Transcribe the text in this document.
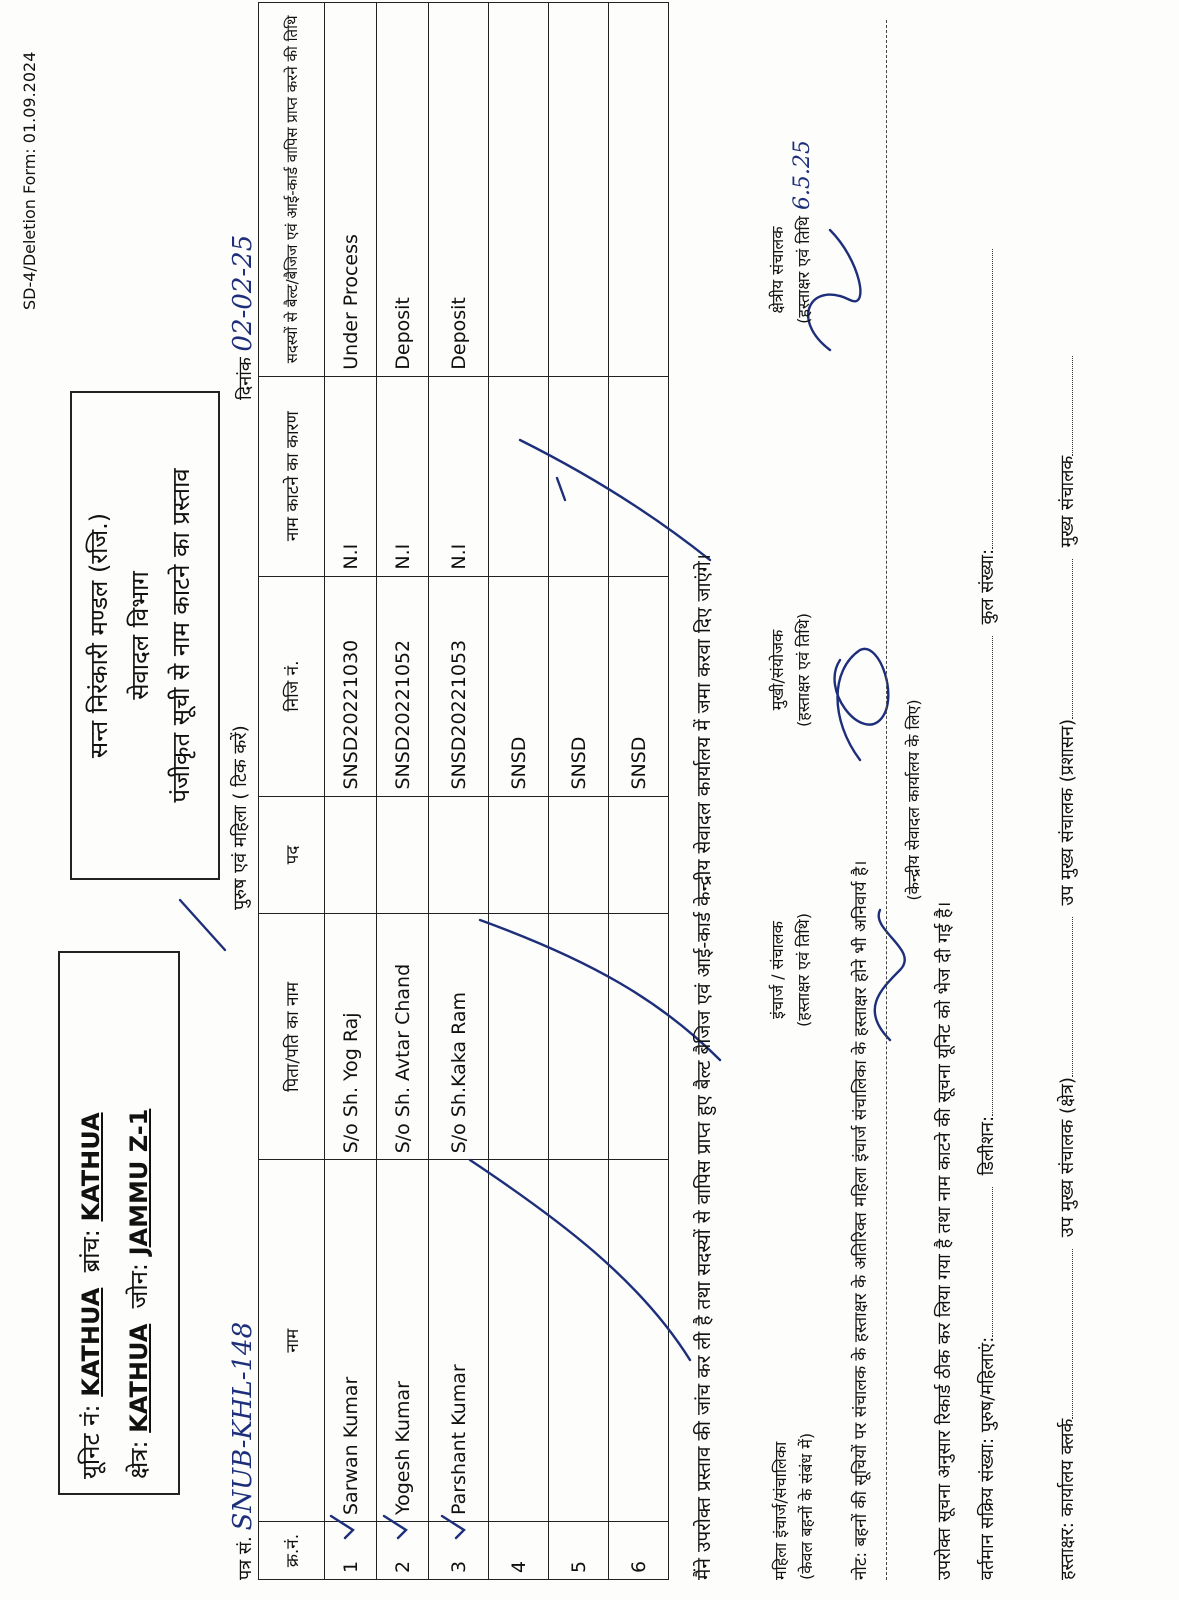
SD-4/Deletion Form: 01.09.2024
यूनिट नं: KATHUA  ब्रांच: KATHUA
क्षेत्र: KATHUA  जोन: JAMMU Z-1
सन्त निरंकारी मण्डल (रजि.) सेवादल विभाग पंजीकृत सूची से नाम काटने का प्रस्ताव
पत्र सं. SNUB-KHL-148
पुरुष एवं महिला ( टिक करें)
दिनांक 02-02-25
क्र.नं.	नाम	पिता/पति का नाम	पद	निजि नं.	नाम काटने का कारण	सदस्यों से बैल्ट/बैजिज एवं आई-कार्ड वापिस प्राप्त करने की तिथि
1	Sarwan Kumar	S/o Sh. Yog Raj		SNSD20221030	N.I	Under Process
2	Yogesh Kumar	S/o Sh. Avtar Chand		SNSD20221052	N.I	Deposit
3	Parshant Kumar	S/o Sh.Kaka Ram		SNSD20221053	N.I	Deposit
4				SNSD		
5				SNSD		
6				SNSD		मैंने उपरोक्त प्रस्ताव की जांच कर ली है तथा सदस्यों से वापिस प्राप्त हुए बैल्ट बैजिज एवं आई-कार्ड केन्द्रीय सेवादल कार्यालय में जमा करवा दिए जाएंगे।	महिला इंचार्ज/संचालिका (केवल बहनों के संबंध में)
इंचार्ज / संचालक (हस्ताक्षर एवं तिथि)
मुखी/संयोजक (हस्ताक्षर एवं तिथि)
क्षेत्रीय संचालक (हस्ताक्षर एवं तिथि
6.5.25
नोट: बहनों की सूचियों पर संचालक के हस्ताक्षर के अतिरिक्त महिला इंचार्ज संचालिका के हस्ताक्षर होने भी अनिवार्य है।
(केन्द्रीय सेवादल कार्यालय के लिए)
उपरोक्त सूचना अनुसार रिकार्ड ठीक कर लिया गया है तथा नाम काटने की सूचना यूनिट को भेज दी गई है। वर्तमान सक्रिय संख्या: पुरुष/महिलाएं:  डिलीशन:  कुल संख्या:
हस्ताक्षर: कार्यालय क्लर्क  उप मुख्य संचालक (क्षेत्र)  उप मुख्य संचालक (प्रशासन)  मुख्य संचालक
